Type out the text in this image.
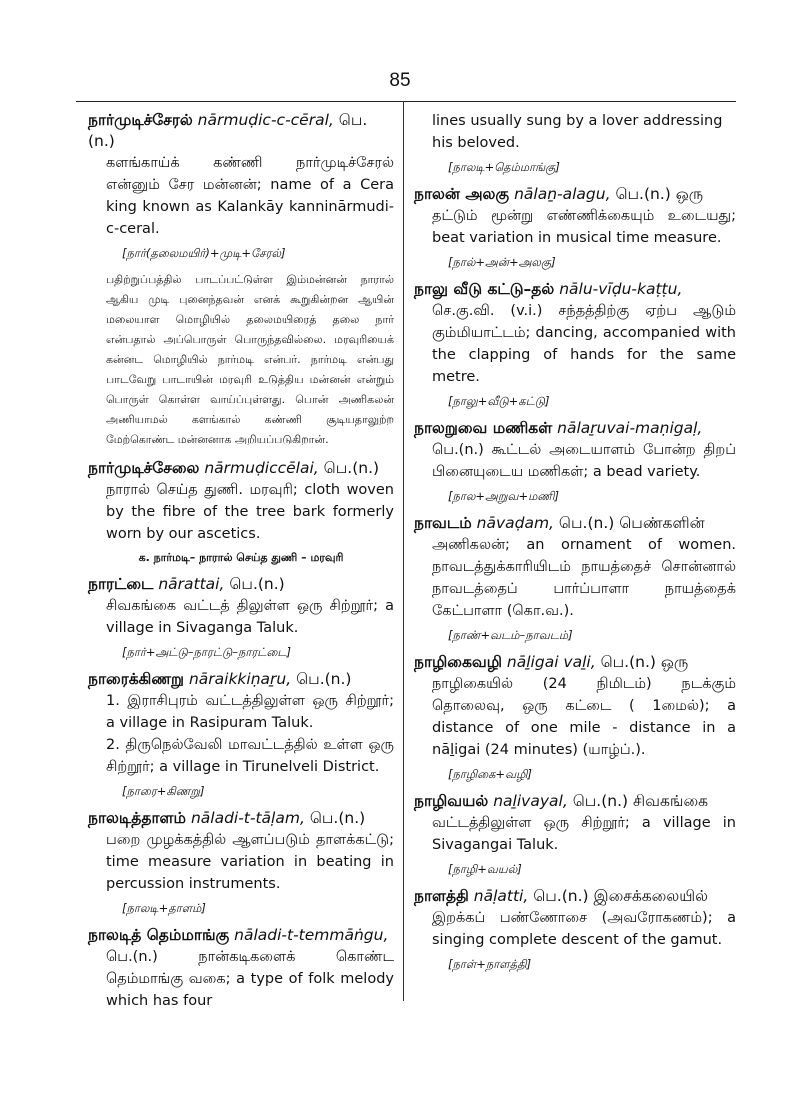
85
நார்முடிச்சேரல் nārmuḍic-c-cēral, பெ.(n.)
களங்காய்க் கண்ணி நார்முடிச்சேரல் என்னும் சேர மன்னன்; name of a Cera king known as Kalankāy kanninārmudi-c-ceral.
[நார்(தலைமயிர்)+முடி+சேரல்]
பதிற்றுப்பத்தில் பாடப்பட்டுள்ள இம்மன்னன் நாரால் ஆகிய முடி புனைந்தவன் எனக் கூறுகின்றன ஆயின் மலையாள மொழியில் தலைமயிரைத் தலை நார் என்பதால் அப்பொருள் பொருந்தவில்லை. மரவுரியைக் கன்னட மொழியில் நார்மடி என்பர். நார்மடி என்பது பாடவேறு பாடாயின் மரவுரி உடுத்திய மன்னன் என்றும் பொருள் கொள்ள வாய்ப்புள்ளது. பொன் அணிகலன் அணியாமல் களங்கால் கண்ணி சூடியதாலுற்ற மேற்கொண்ட மன்னனாக அறியப்படுகிறான்.
நார்முடிச்சேலை nārmuḍiccēlai, பெ.(n.)
நாரால் செய்த துணி. மரவுரி; cloth woven by the fibre of the tree bark formerly worn by our ascetics.
க. நார்மடி– நாரால் செய்த துணி – மரவுரி
நாரட்டை nārattai, பெ.(n.)
சிவகங்கை வட்டத் திலுள்ள ஒரு சிற்றூர்; a village in Sivaganga Taluk.
[நார்+அட்டு–நாரட்டு–நாரட்டை]
நாரைக்கிணறு nāraikkiṇaṟu, பெ.(n.)
1. இராசிபுரம் வட்டத்திலுள்ள ஒரு சிற்றூர்; a village in Rasipuram Taluk.
2. திருநெல்வேலி மாவட்டத்தில் உள்ள ஒரு சிற்றூர்; a village in Tirunelveli District.
[நாரை+கிணறு]
நாலடித்தாளம் nāladi-t-tāḷam, பெ.(n.)
பறை முழக்கத்தில் ஆளப்படும் தாளக்கட்டு; time measure variation in beating in percussion instruments.
[நாலடி+தாளம்]
நாலடித் தெம்மாங்கு nāladi-t-temmāṅgu,
பெ.(n.) நான்கடிகளைக் கொண்ட தெம்மாங்கு வகை; a type of folk melody which has four
lines usually sung by a lover addressing his beloved.
[நாலடி+தெம்மாங்கு]
நாலன் அலகு nālaṉ-alagu, பெ.(n.) ஒரு
தட்டும் மூன்று எண்ணிக்கையும் உடையது; beat variation in musical time measure.
[நால்+அன்+அலகு]
நாலு வீடு கட்டு–தல் nālu-vīḍu-kaṭṭu,
செ.கு.வி. (v.i.) சந்தத்திற்கு ஏற்ப ஆடும் கும்மியாட்டம்; dancing, accompanied with the clapping of hands for the same metre.
[நாலு+வீடு+கட்டு]
நாலறுவை மணிகள் nālaṟuvai-maṇigaḷ,
பெ.(n.) கூட்டல் அடையாளம் போன்ற திறப் பினையுடைய மணிகள்; a bead variety.
[நால+அறுவ+மணி]
நாவடம் nāvaḍam, பெ.(n.) பெண்களின்
அணிகலன்; an ornament of women. நாவடத்துக்காரியிடம் நாயத்தைச் சொன்னால் நாவடத்தைப் பார்ப்பாளா நாயத்தைக் கேட்பாளா (கொ.வ.).
[நாண்+வடம்–நாவடம்]
நாழிகைவழி nāḻigai vaḻi, பெ.(n.) ஒரு
நாழிகையில் (24 நிமிடம்) நடக்கும் தொலைவு, ஒரு கட்டை ( 1மைல்); a distance of one mile - distance in a nāḻigai (24 minutes) (யாழ்ப்.).
[நாழிகை+வழி]
நாழிவயல் naḻivayal, பெ.(n.) சிவகங்கை
வட்டத்திலுள்ள ஒரு சிற்றூர்; a village in Sivagangai Taluk.
[நாழி+வயல்]
நாளத்தி nāḷatti, பெ.(n.) இசைக்கலையில்
இறக்கப் பண்ணோசை (அவரோகணம்); a singing complete descent of the gamut.
[நாள்+நாளத்தி]
